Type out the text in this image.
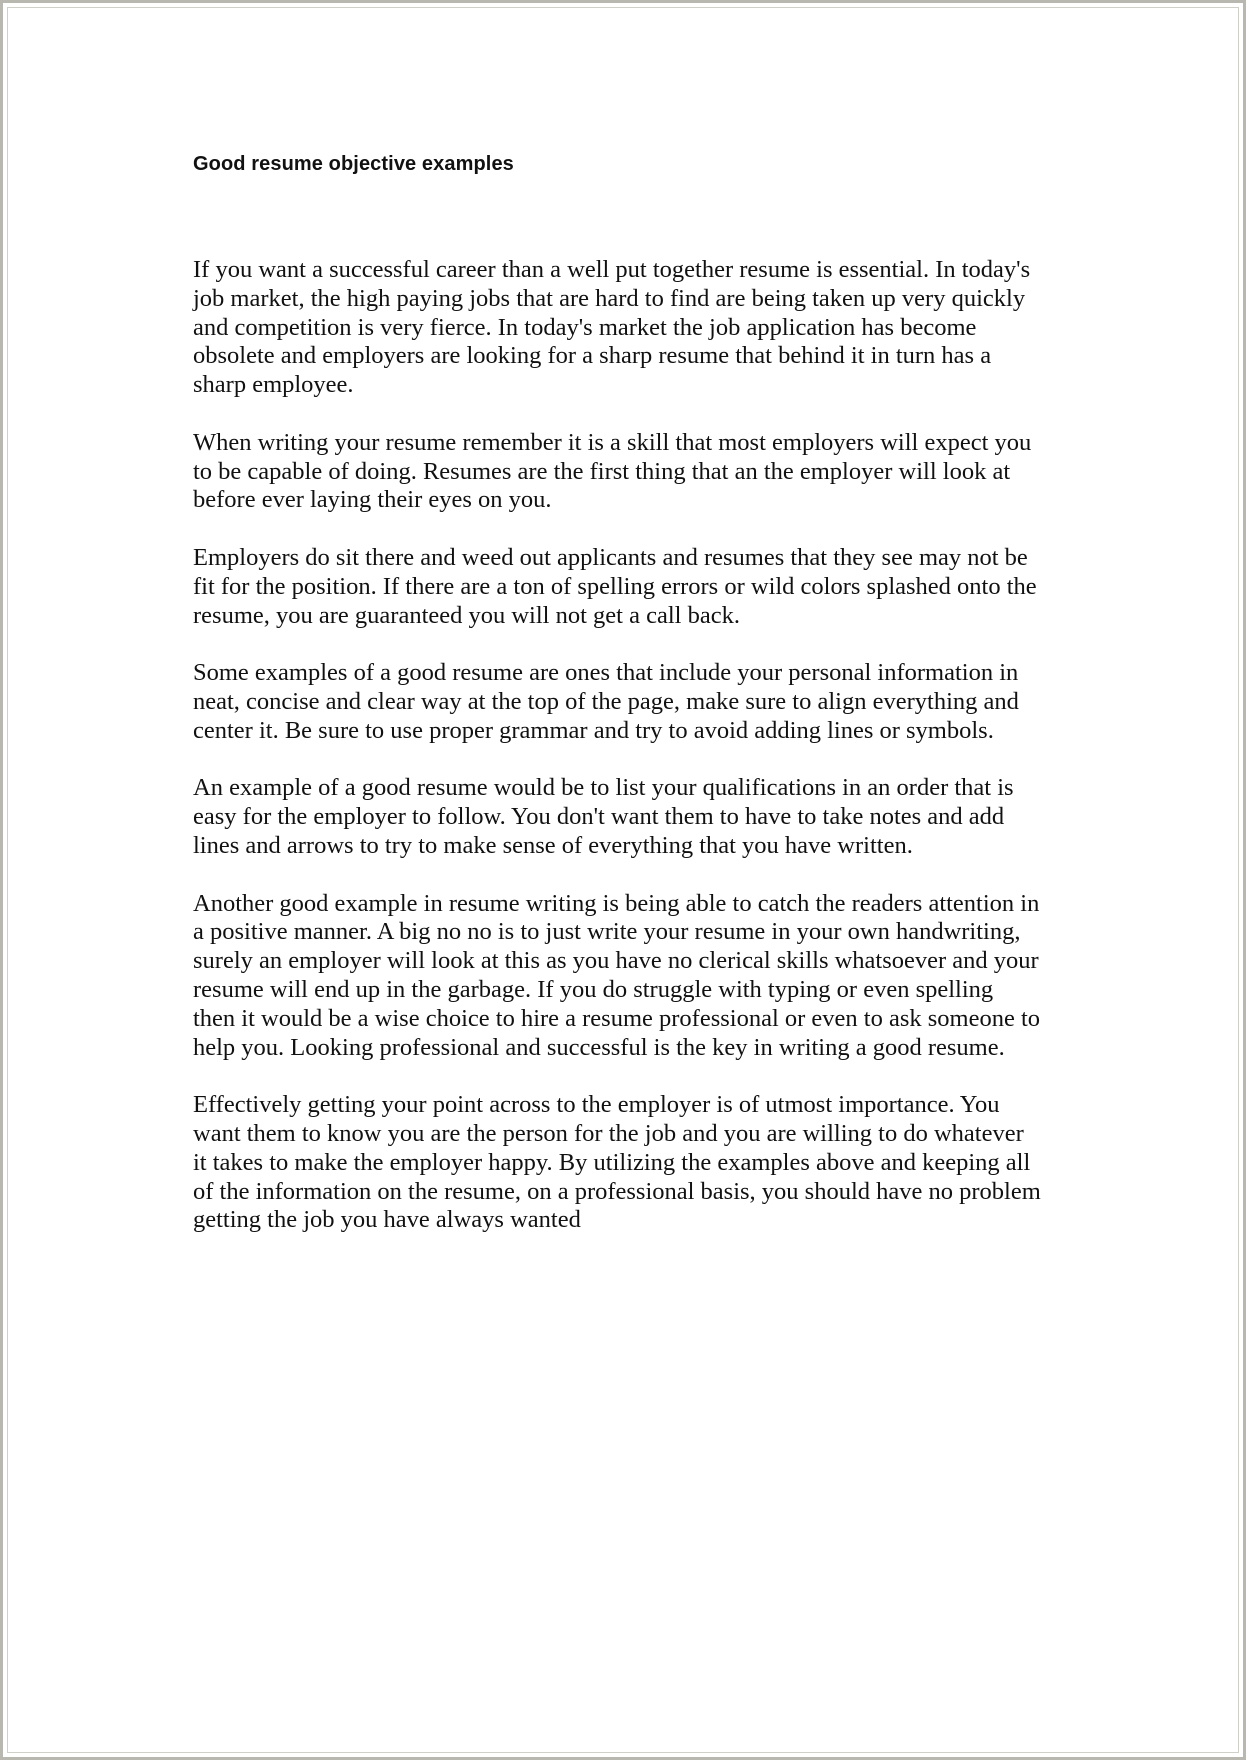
Good resume objective examples

If you want a successful career than a well put together resume is essential. In today's
job market, the high paying jobs that are hard to find are being taken up very quickly
and competition is very fierce. In today's market the job application has become
obsolete and employers are looking for a sharp resume that behind it in turn has a
sharp employee.

When writing your resume remember it is a skill that most employers will expect you
to be capable of doing. Resumes are the first thing that an the employer will look at
before ever laying their eyes on you.

Employers do sit there and weed out applicants and resumes that they see may not be
fit for the position. If there are a ton of spelling errors or wild colors splashed onto the
resume, you are guaranteed you will not get a call back.

Some examples of a good resume are ones that include your personal information in
neat, concise and clear way at the top of the page, make sure to align everything and
center it. Be sure to use proper grammar and try to avoid adding lines or symbols.

An example of a good resume would be to list your qualifications in an order that is
easy for the employer to follow. You don't want them to have to take notes and add
lines and arrows to try to make sense of everything that you have written.

Another good example in resume writing is being able to catch the readers attention in
a positive manner. A big no no is to just write your resume in your own handwriting,
surely an employer will look at this as you have no clerical skills whatsoever and your
resume will end up in the garbage. If you do struggle with typing or even spelling
then it would be a wise choice to hire a resume professional or even to ask someone to
help you. Looking professional and successful is the key in writing a good resume.

Effectively getting your point across to the employer is of utmost importance. You
want them to know you are the person for the job and you are willing to do whatever
it takes to make the employer happy. By utilizing the examples above and keeping all
of the information on the resume, on a professional basis, you should have no problem
getting the job you have always wanted
